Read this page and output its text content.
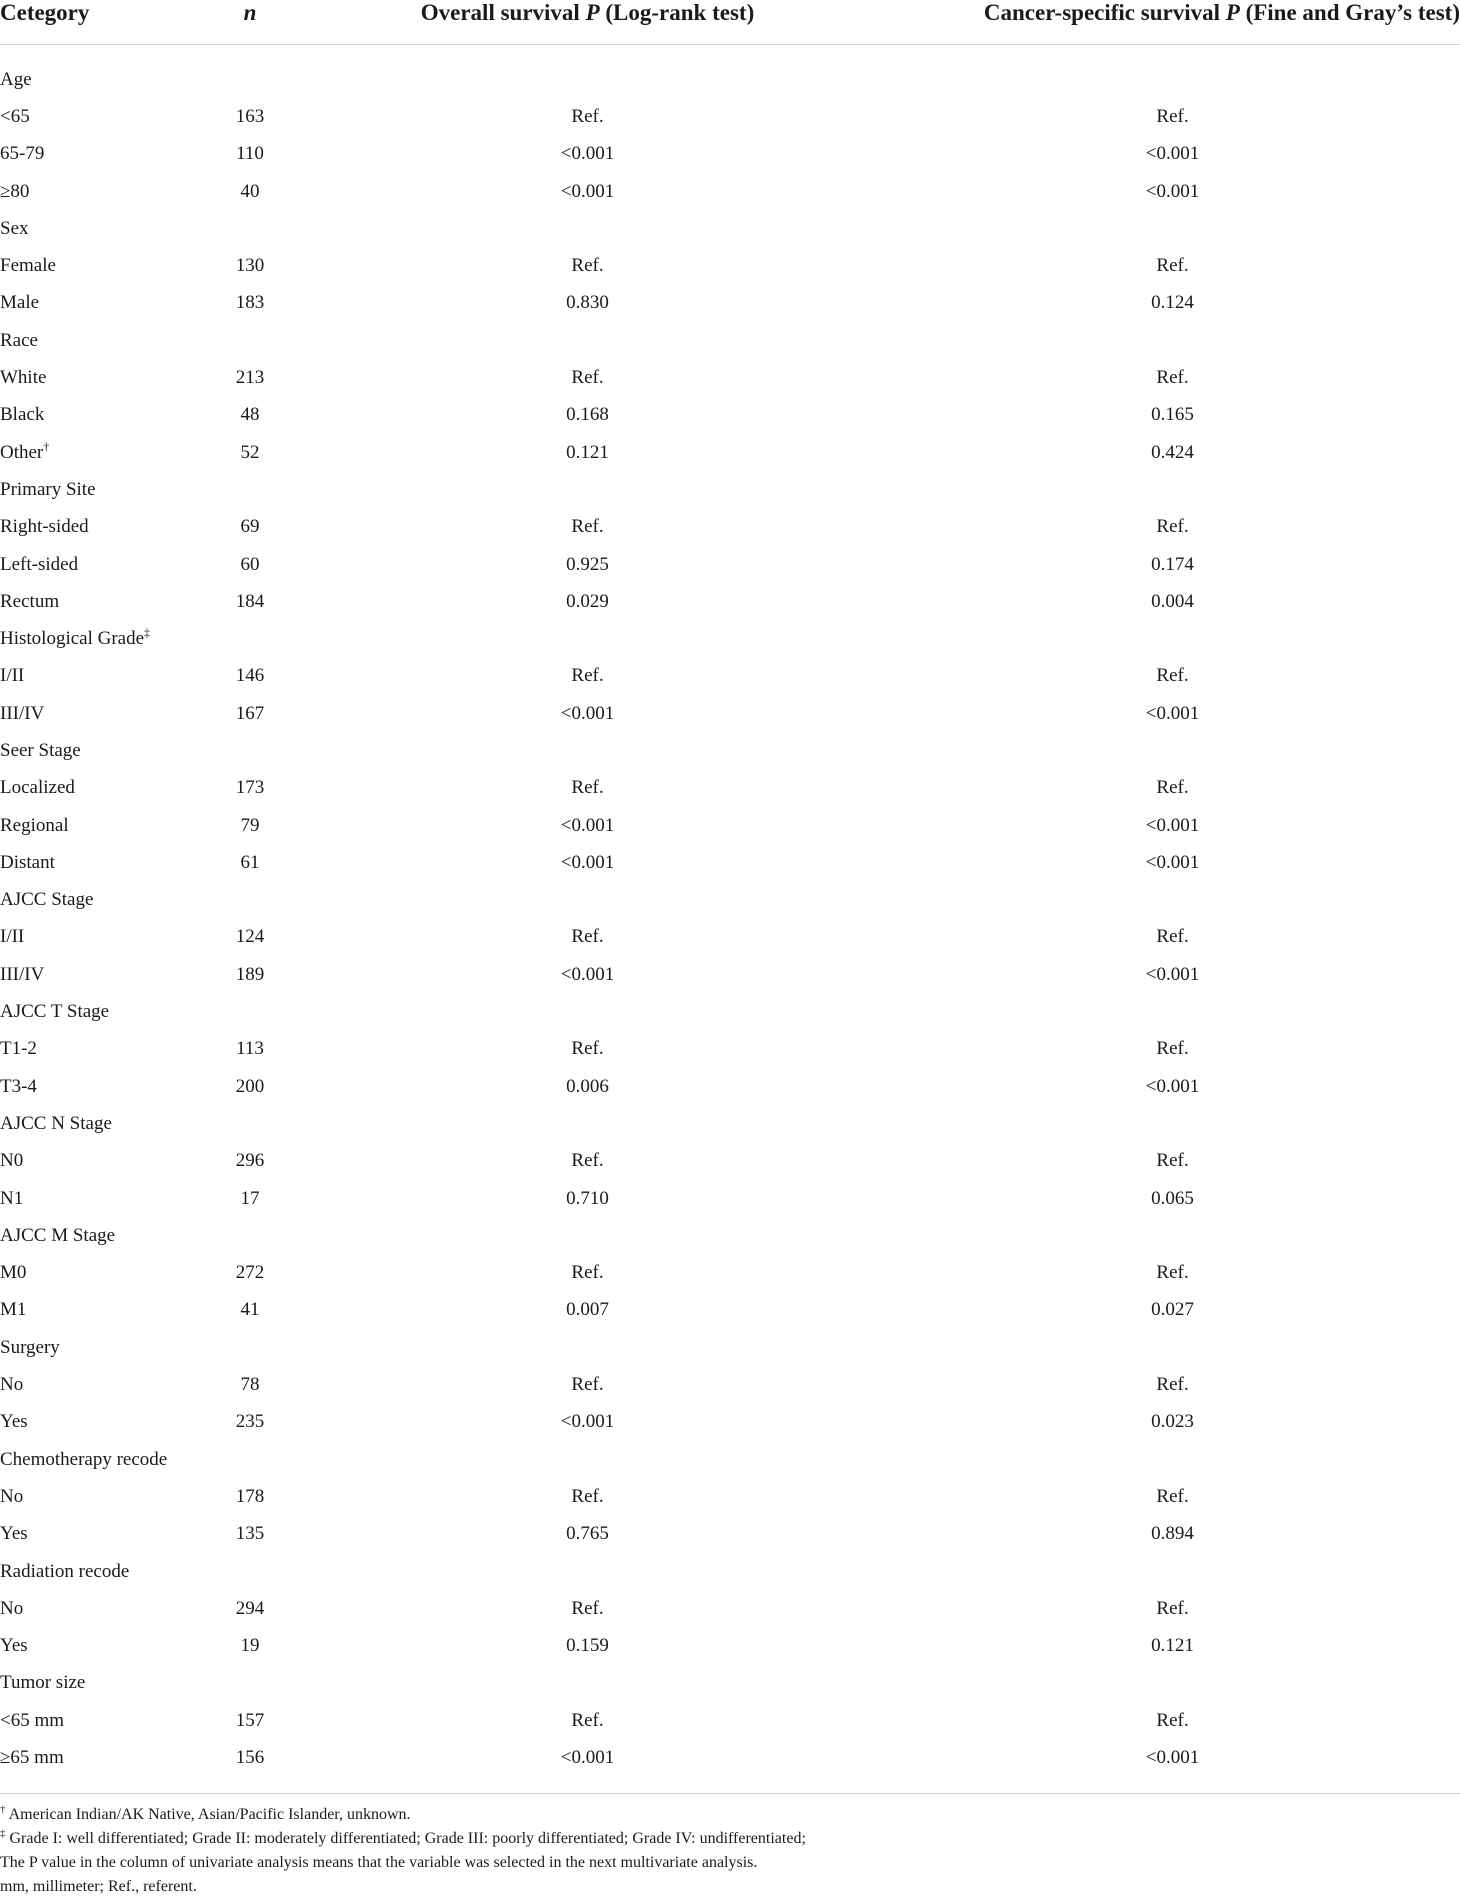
Cetegory	n	Overall survival P (Log-rank test)	Cancer-specific survival P (Fine and Gray’s test)

Age			
<65	163	Ref.	Ref.
65-79	110	<0.001	<0.001
≥80	40	<0.001	<0.001
Sex			
Female	130	Ref.	Ref.
Male	183	0.830	0.124
Race			
White	213	Ref.	Ref.
Black	48	0.168	0.165
Other†	52	0.121	0.424
Primary Site			
Right-sided	69	Ref.	Ref.
Left-sided	60	0.925	0.174
Rectum	184	0.029	0.004
Histological Grade‡			
I/II	146	Ref.	Ref.
III/IV	167	<0.001	<0.001
Seer Stage			
Localized	173	Ref.	Ref.
Regional	79	<0.001	<0.001
Distant	61	<0.001	<0.001
AJCC Stage			
I/II	124	Ref.	Ref.
III/IV	189	<0.001	<0.001
AJCC T Stage			
T1-2	113	Ref.	Ref.
T3-4	200	0.006	<0.001
AJCC N Stage			
N0	296	Ref.	Ref.
N1	17	0.710	0.065
AJCC M Stage			
M0	272	Ref.	Ref.
M1	41	0.007	0.027
Surgery			
No	78	Ref.	Ref.
Yes	235	<0.001	0.023
Chemotherapy recode			
No	178	Ref.	Ref.
Yes	135	0.765	0.894
Radiation recode			
No	294	Ref.	Ref.
Yes	19	0.159	0.121
Tumor size			
<65 mm	157	Ref.	Ref.
≥65 mm	156	<0.001	<0.001
† American Indian/AK Native, Asian/Pacific Islander, unknown.
‡ Grade I: well differentiated; Grade II: moderately differentiated; Grade III: poorly differentiated; Grade IV: undifferentiated;
The P value in the column of univariate analysis means that the variable was selected in the next multivariate analysis.
mm, millimeter; Ref., referent.
